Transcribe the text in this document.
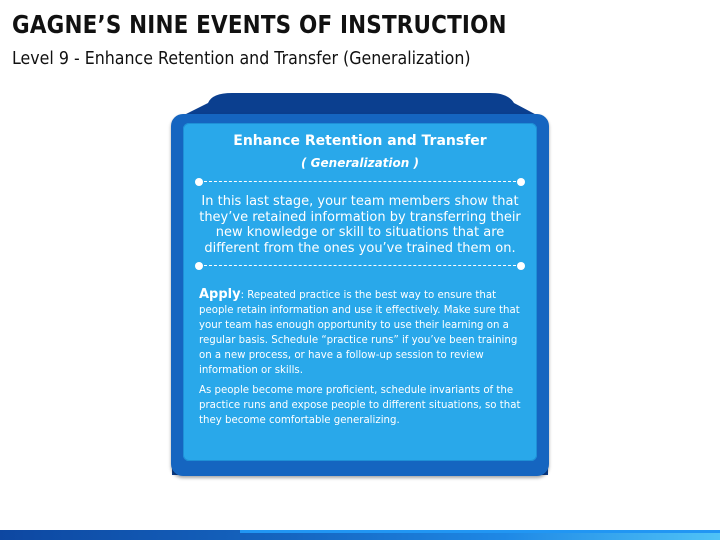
GAGNE’S NINE EVENTS OF INSTRUCTION

Level 9 - Enhance Retention and Transfer (Generalization)

Enhance Retention and Transfer
( Generalization )
In this last stage, your team members show that they’ve retained information by transferring their new knowledge or skill to situations that are different from the ones you’ve trained them on.

Apply: Repeated practice is the best way to ensure that people retain information and use it effectively. Make sure that your team has enough opportunity to use their learning on a regular basis. Schedule “practice runs” if you’ve been training on a new process, or have a follow-up session to review information or skills.

As people become more proficient, schedule invariants of the practice runs and expose people to different situations, so that they become comfortable generalizing.
